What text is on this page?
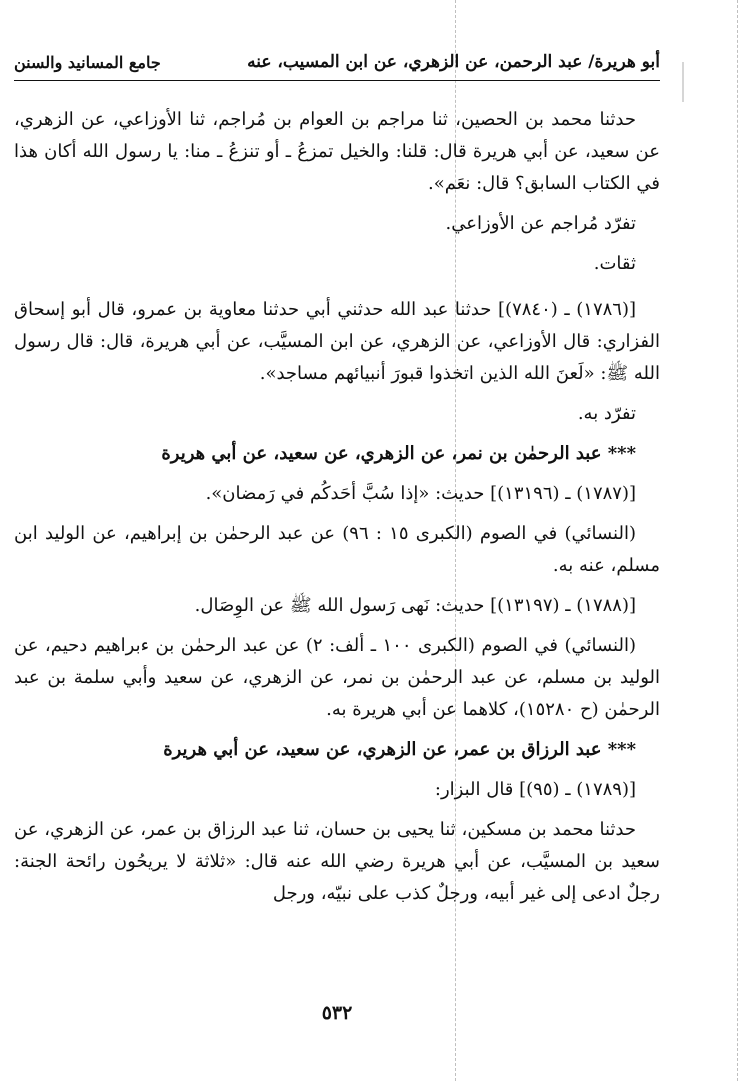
أبو هريرة/ عبد الرحمن، عن الزهري، عن ابن المسيب، عنه
جامع المسانيد والسنن

حدثنا محمد بن الحصين، ثنا مراجم بن العوام بن مُراجم، ثنا الأوزاعي، عن الزهري، عن سعيد، عن أبي هريرة قال: قلنا: والخيل تمزعُ ـ أو تنزعُ ـ منا: يا رسول الله أكان هذا في الكتاب السابق؟ قال: نعَم».

تفرّد مُراجم عن الأوزاعي.

ثقات.

[(١٧٨٦) ـ (٧٨٤٠)] حدثنا عبد الله حدثني أبي حدثنا معاوية بن عمرو، قال أبو إسحاق الفزاري: قال الأوزاعي، عن الزهري، عن ابن المسيَّب، عن أبي هريرة، قال: قال رسول الله ﷺ: «لَعنَ الله الذين اتخذوا قبورَ أنبيائهم مساجد».

تفرّد به.

*** عبد الرحمٰن بن نمر، عن الزهري، عن سعيد، عن أبي هريرة

[(١٧٨٧) ـ (١٣١٩٦)] حديث: «إذا سُبَّ أحَدكُم في رَمضان».

(النسائي) في الصوم (الكبرى ١٥ : ٩٦) عن عبد الرحمٰن بن إبراهيم، عن الوليد ابن مسلم، عنه به.

[(١٧٨٨) ـ (١٣١٩٧)] حديث: نَهى رَسول الله ﷺ عن الوِصَال.

(النسائي) في الصوم (الكبرى ١٠٠ ـ ألف: ٢) عن عبد الرحمٰن بن ءبراهيم دحيم، عن الوليد بن مسلم، عن عبد الرحمٰن بن نمر، عن الزهري، عن سعيد وأبي سلمة بن عبد الرحمٰن (ح ١٥٢٨٠)، كلاهما عن أبي هريرة به.

*** عبد الرزاق بن عمر، عن الزهري، عن سعيد، عن أبي هريرة

[(١٧٨٩) ـ (٩٥)] قال البزار:

حدثنا محمد بن مسكين، ثنا يحيى بن حسان، ثنا عبد الرزاق بن عمر، عن الزهري، عن سعيد بن المسيَّب، عن أبي هريرة رضي الله عنه قال: «ثلاثة لا يريحُون رائحة الجنة: رجلٌ ادعى إلى غير أبيه، ورجلٌ كذب على نبيّه، ورجل

٥٣٢
